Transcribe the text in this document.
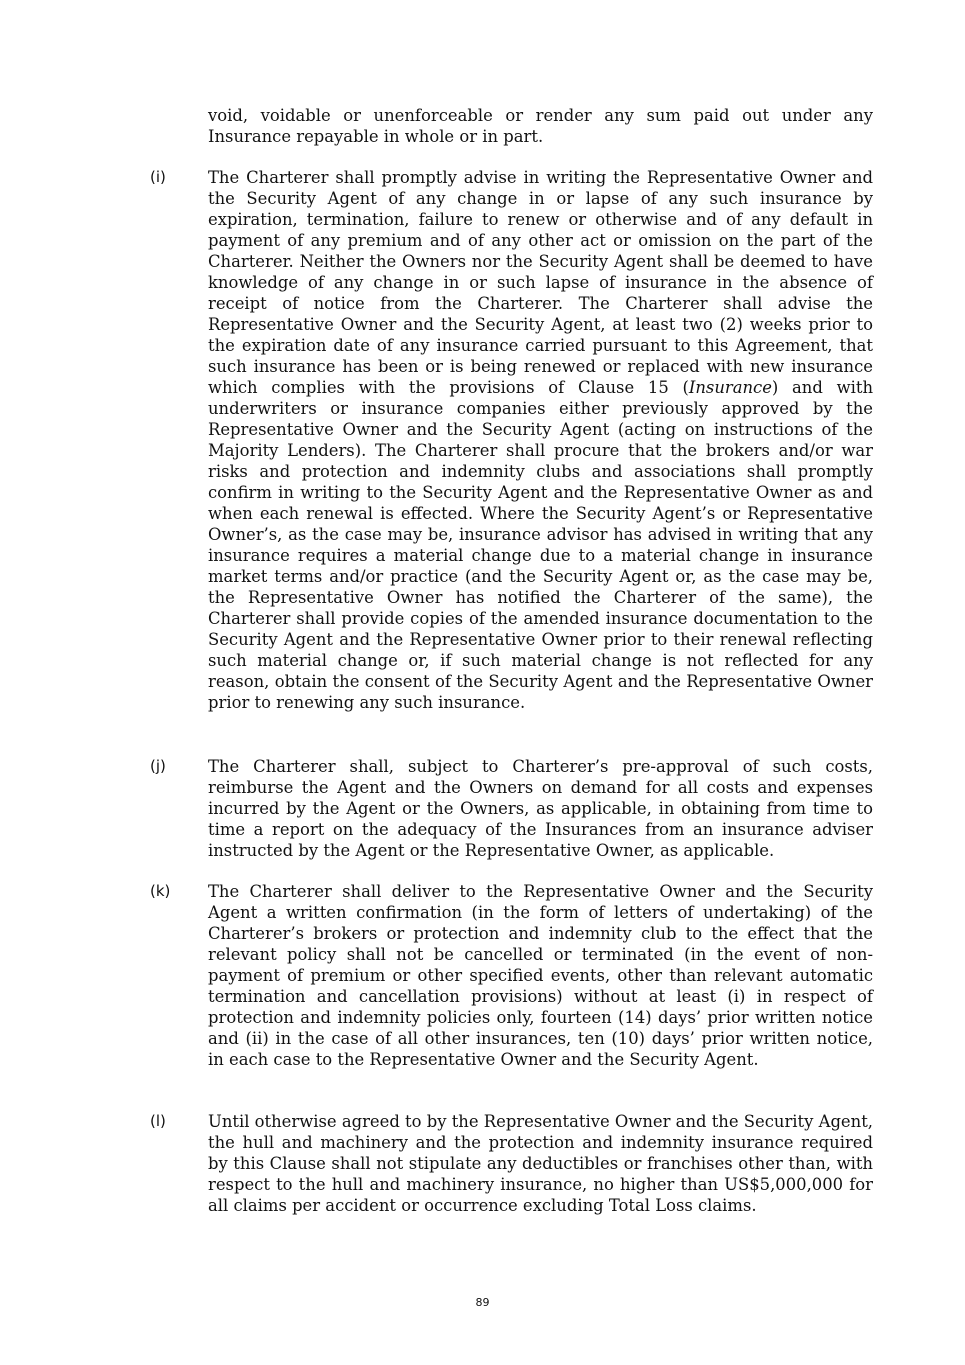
void, voidable or unenforceable or render any sum paid out under any Insurance repayable in whole or in part.

(i)	The Charterer shall promptly advise in writing the Representative Owner and the Security Agent of any change in or lapse of any such insurance by expiration, termination, failure to renew or otherwise and of any default in payment of any premium and of any other act or omission on the part of the Charterer. Neither the Owners nor the Security Agent shall be deemed to have knowledge of any change in or such lapse of insurance in the absence of receipt of notice from the Charterer. The Charterer shall advise the Representative Owner and the Security Agent, at least two (2) weeks prior to the expiration date of any insurance carried pursuant to this Agreement, that such insurance has been or is being renewed or replaced with new insurance which complies with the provisions of Clause 15 (Insurance) and with underwriters or insurance companies either previously approved by the Representative Owner and the Security Agent (acting on instructions of the Majority Lenders). The Charterer shall procure that the brokers and/or war risks and protection and indemnity clubs and associations shall promptly confirm in writing to the Security Agent and the Representative Owner as and when each renewal is effected. Where the Security Agent’s or Representative Owner’s, as the case may be, insurance advisor has advised in writing that any insurance requires a material change due to a material change in insurance market terms and/or practice (and the Security Agent or, as the case may be, the Representative Owner has notified the Charterer of the same), the Charterer shall provide copies of the amended insurance documentation to the Security Agent and the Representative Owner prior to their renewal reflecting such material change or, if such material change is not reflected for any reason, obtain the consent of the Security Agent and the Representative Owner prior to renewing any such insurance.

(j)	The Charterer shall, subject to Charterer’s pre-approval of such costs, reimburse the Agent and the Owners on demand for all costs and expenses incurred by the Agent or the Owners, as applicable, in obtaining from time to time a report on the adequacy of the Insurances from an insurance adviser instructed by the Agent or the Representative Owner, as applicable.

(k) The Charterer shall deliver to the Representative Owner and the Security Agent a written confirmation (in the form of letters of undertaking) of the Charterer’s brokers or protection and indemnity club to the effect that the relevant policy shall not be cancelled or terminated (in the event of non-payment of premium or other specified events, other than relevant automatic termination and cancellation provisions) without at least (i) in respect of protection and indemnity policies only, fourteen (14) days’ prior written notice and (ii) in the case of all other insurances, ten (10) days’ prior written notice, in each case to the Representative Owner and the Security Agent.

(l)	Until otherwise agreed to by the Representative Owner and the Security Agent, the hull and machinery and the protection and indemnity insurance required by this Clause shall not stipulate any deductibles or franchises other than, with respect to the hull and machinery insurance, no higher than US$5,000,000 for all claims per accident or occurrence excluding Total Loss claims.

89
